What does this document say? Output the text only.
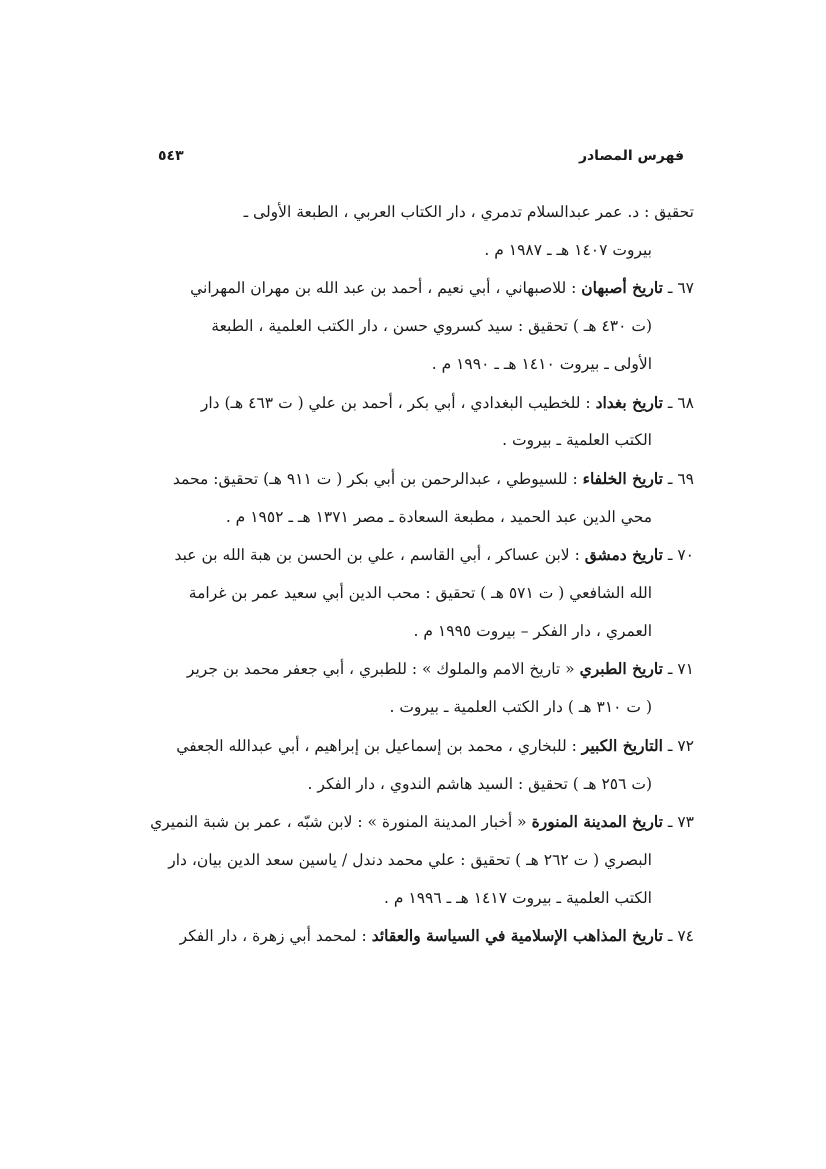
فهرس المصادر
٥٤٣
تحقيق : د. عمر عبدالسلام تدمري ، دار الكتاب العربي ، الطبعة الأولى ـ
بيروت ١٤٠٧ هـ ـ ١٩٨٧ م .
٦٧ ـ تاريخ أصبهان : للاصبهاني ، أبي نعيم ، أحمد بن عبد الله بن مهران المهراني
(ت ٤٣٠ هـ ) تحقيق : سيد كسروي حسن ، دار الكتب العلمية ، الطبعة
الأولى ـ بيروت ١٤١٠ هـ ـ ١٩٩٠ م .
٦٨ ـ تاريخ بغداد : للخطيب البغدادي ، أبي بكر ، أحمد بن علي ( ت ٤٦٣ هـ) دار
الكتب العلمية ـ بيروت .
٦٩ ـ تاريخ الخلفاء : للسيوطي ، عبدالرحمن بن أبي بكر ( ت ٩١١ هـ) تحقيق: محمد
محي الدين عبد الحميد ، مطبعة السعادة ـ مصر ١٣٧١ هـ ـ ١٩٥٢ م .
٧٠ ـ تاريخ دمشق : لابن عساكر ، أبي القاسم ، علي بن الحسن بن هبة الله بن عبد
الله الشافعي ( ت ٥٧١ هـ ) تحقيق : محب الدين أبي سعيد عمر بن غرامة
العمري ، دار الفكر – بيروت ١٩٩٥ م .
٧١ ـ تاريخ الطبري « تاريخ الامم والملوك » : للطبري ، أبي جعفر محمد بن جرير
( ت ٣١٠ هـ ) دار الكتب العلمية ـ بيروت .
٧٢ ـ التاريخ الكبير : للبخاري ، محمد بن إسماعيل بن إبراهيم ، أبي عبدالله الجعفي
(ت ٢٥٦ هـ ) تحقيق : السيد هاشم الندوي ، دار الفكر .
٧٣ ـ تاريخ المدينة المنورة « أخبار المدينة المنورة » : لابن شبّه ، عمر بن شبة النميري
البصري ( ت ٢٦٢ هـ ) تحقيق : علي محمد دندل / ياسين سعد الدين بيان، دار
الكتب العلمية ـ بيروت ١٤١٧ هـ ـ ١٩٩٦ م .
٧٤ ـ تاريخ المذاهب الإسلامية في السياسة والعقائد : لمحمد أبي زهرة ، دار الفكر
